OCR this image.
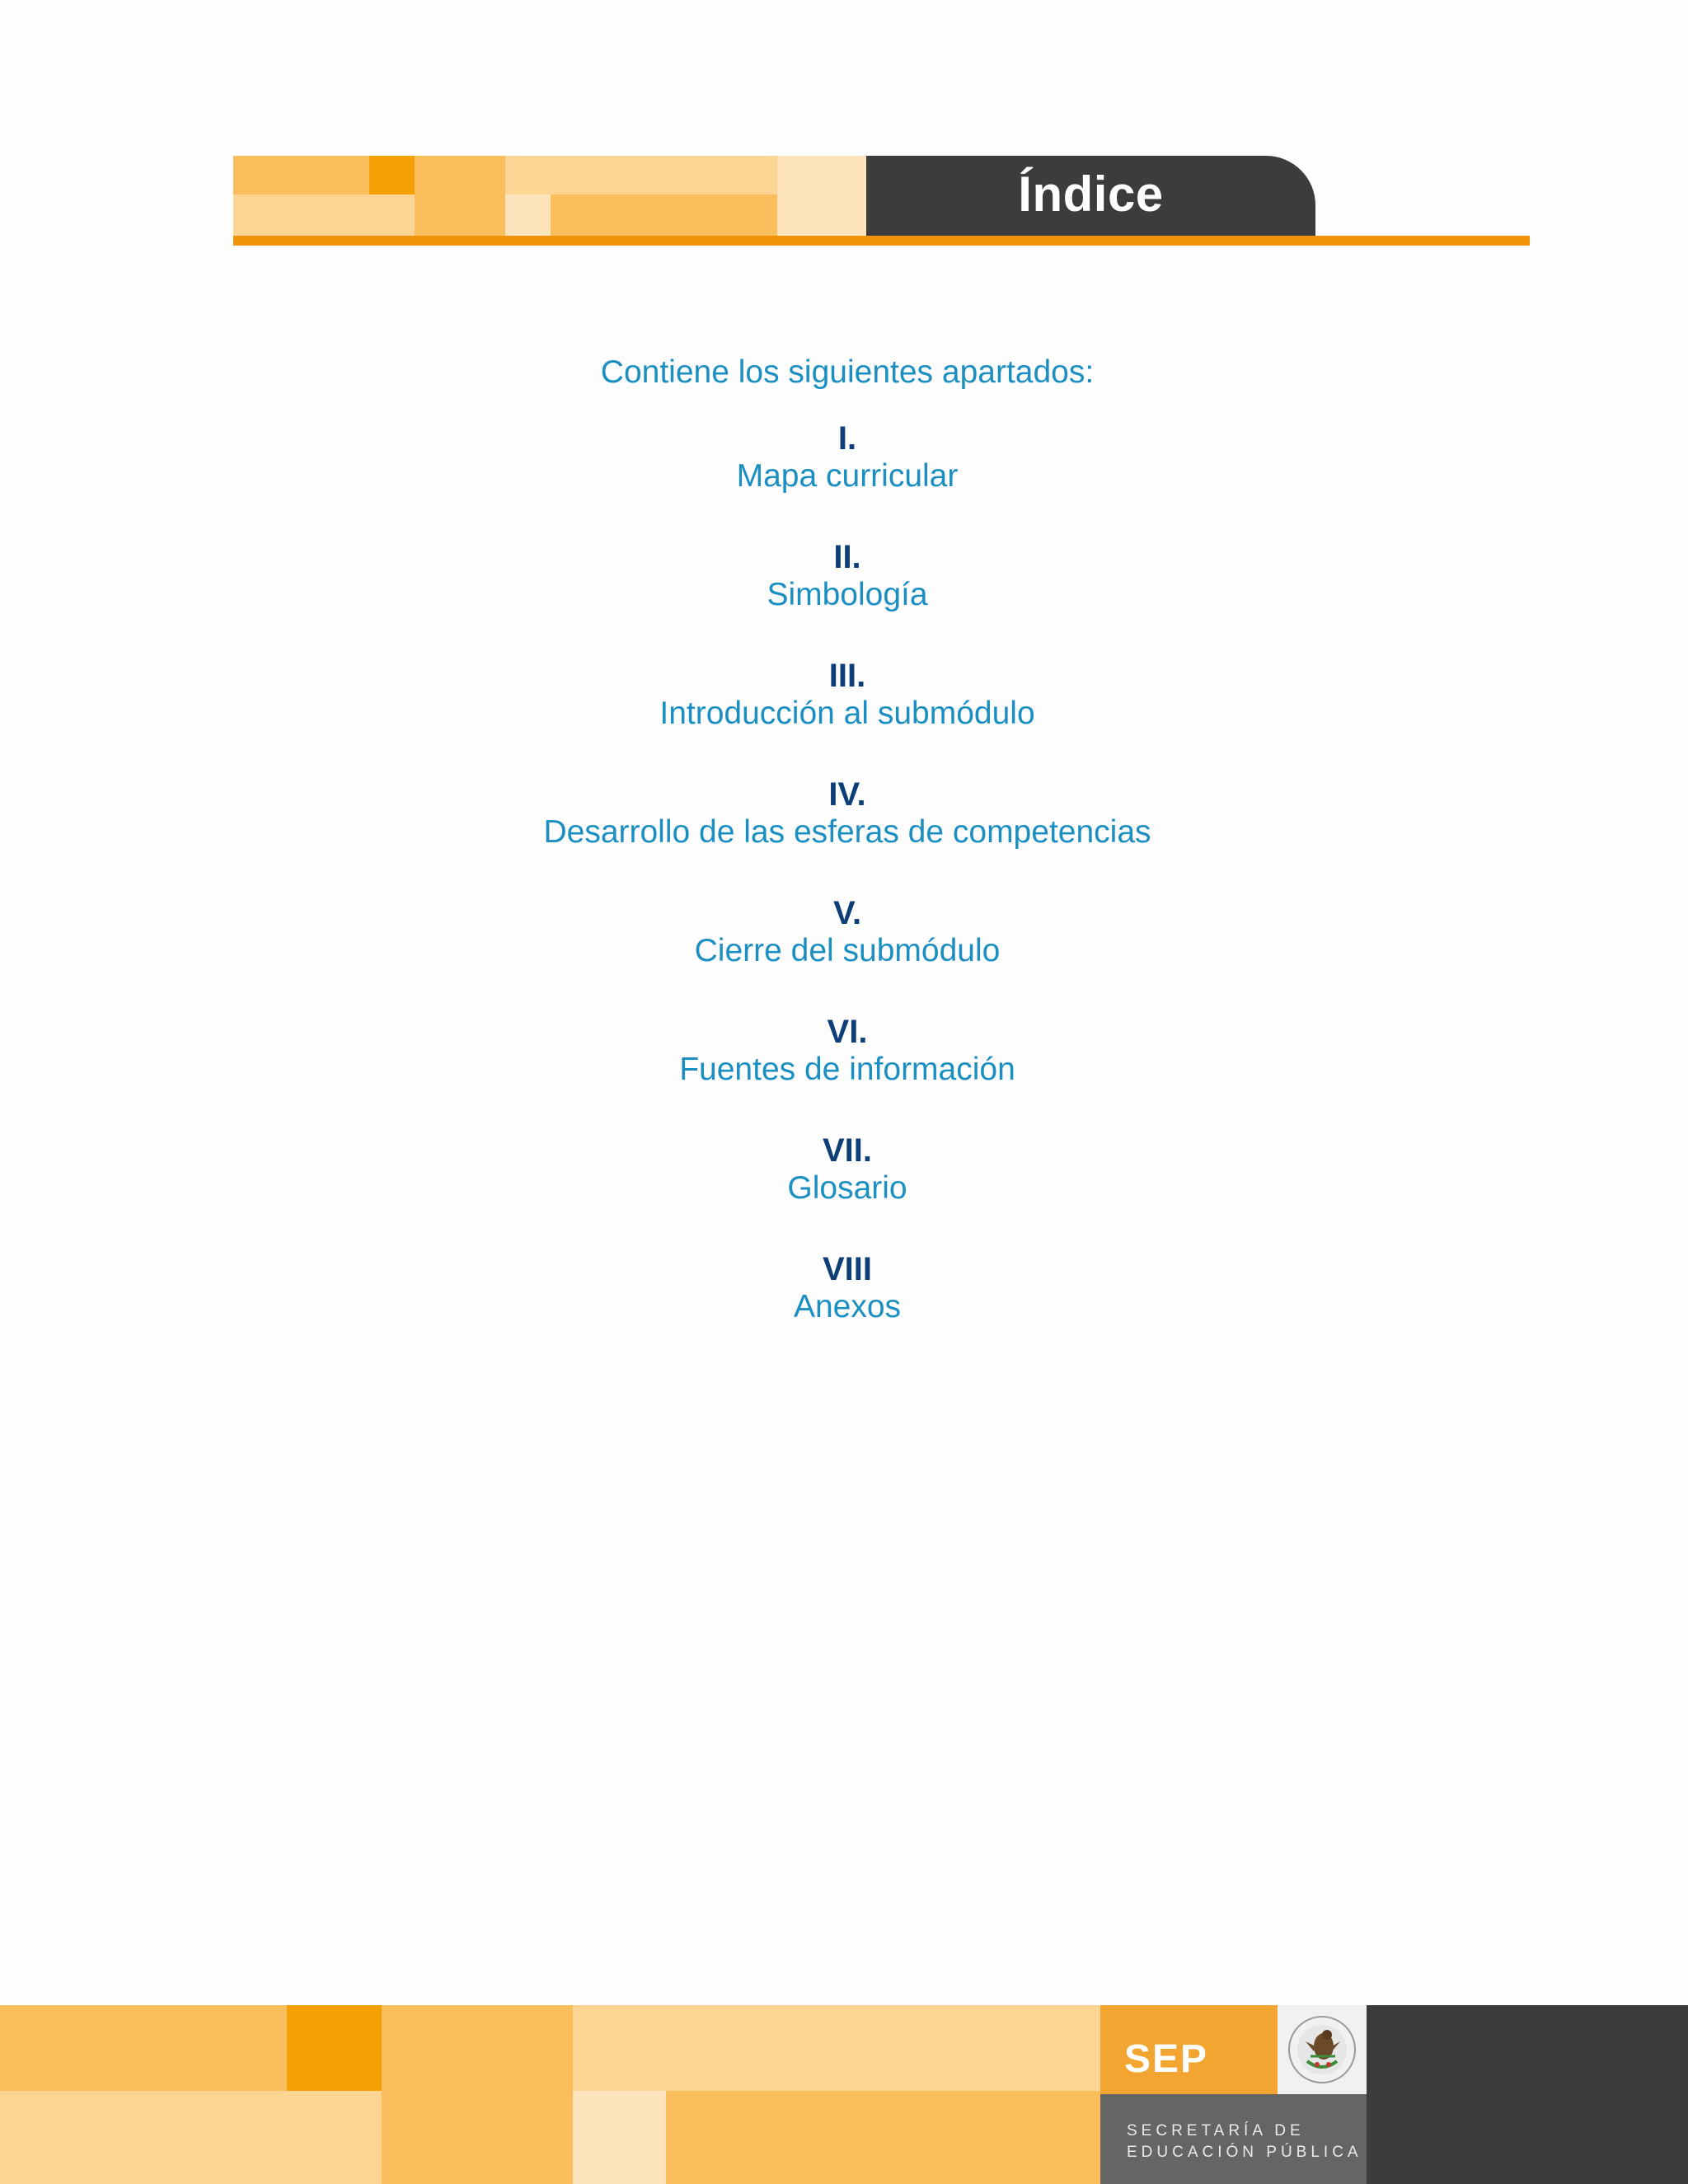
Índice
Contiene los siguientes apartados:
I.
Mapa curricular
II.
Simbología
III.
Introducción al submódulo
IV.
Desarrollo de las esferas de competencias
V.
Cierre del submódulo
VI.
Fuentes de información
VII.
Glosario
VIII
Anexos
SEP
SECRETARÍA DE
EDUCACIÓN PÚBLICA
